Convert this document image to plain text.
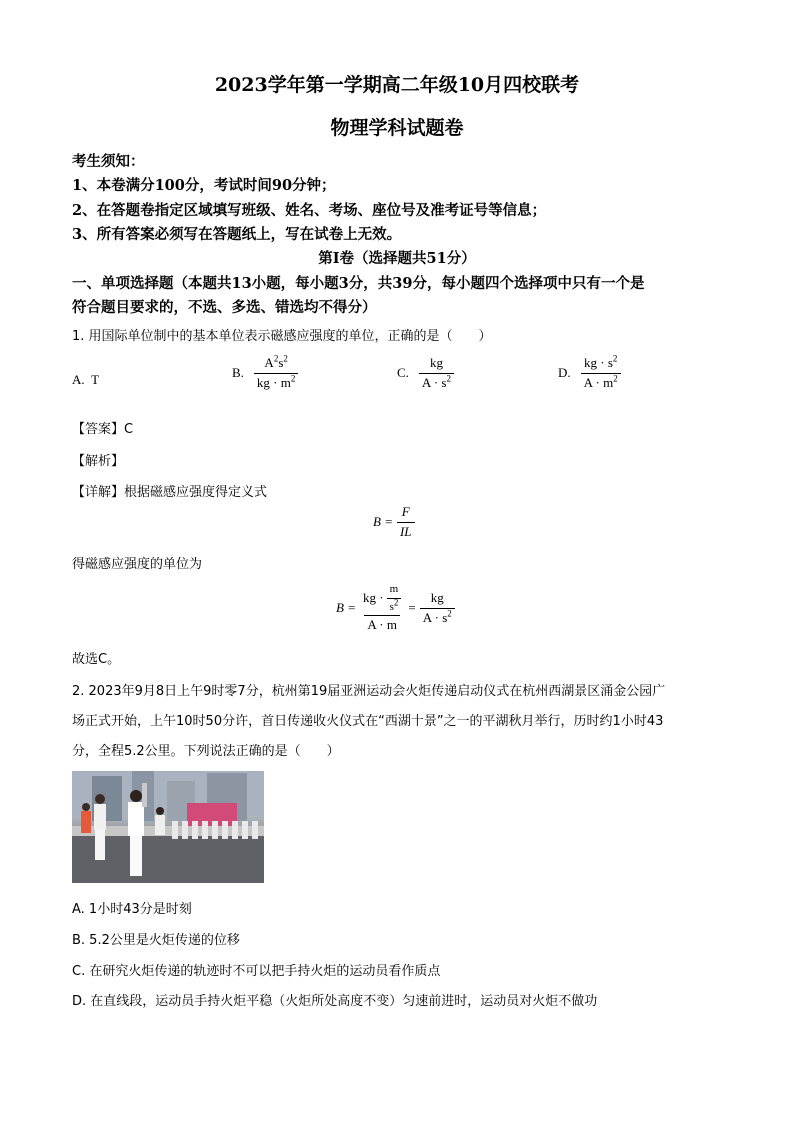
2023学年第一学期高二年级10月四校联考
物理学科试题卷
考生须知：
1、本卷满分100分，考试时间90分钟；
2、在答题卷指定区域填写班级、姓名、考场、座位号及准考证号等信息；
3、所有答案必须写在答题纸上，写在试卷上无效。
第Ⅰ卷（选择题共51分）
一、单项选择题（本题共13小题，每小题3分，共39分，每小题四个选择项中只有一个是
符合题目要求的，不选、多选、错选均不得分）
1. 用国际单位制中的基本单位表示磁感应强度的单位，正确的是（　　）
A. T	B. $\frac{A^2s^2}{kg \cdot m^2}$	C. $\frac{kg}{A \cdot s^2}$	D. $\frac{kg \cdot s^2}{A \cdot m^2}$
【答案】C
【解析】
【详解】根据磁感应强度得定义式
$B = \frac{F}{IL}$
得磁感应强度的单位为
$B = \frac{kg \cdot \frac{m}{s^2}}{A \cdot m} = \frac{kg}{A \cdot s^2}$
故选C。
2. 2023年9月8日上午9时零7分，杭州第19届亚洲运动会火炬传递启动仪式在杭州西湖景区涌金公园广
场正式开始，上午10时50分许，首日传递收火仪式在“西湖十景”之一的平湖秋月举行，历时约1小时43
分，全程5.2公里。下列说法正确的是（　　）
A. 1小时43分是时刻
B. 5.2公里是火炬传递的位移
C. 在研究火炬传递的轨迹时不可以把手持火炬的运动员看作质点
D. 在直线段，运动员手持火炬平稳（火炬所处高度不变）匀速前进时，运动员对火炬不做功
